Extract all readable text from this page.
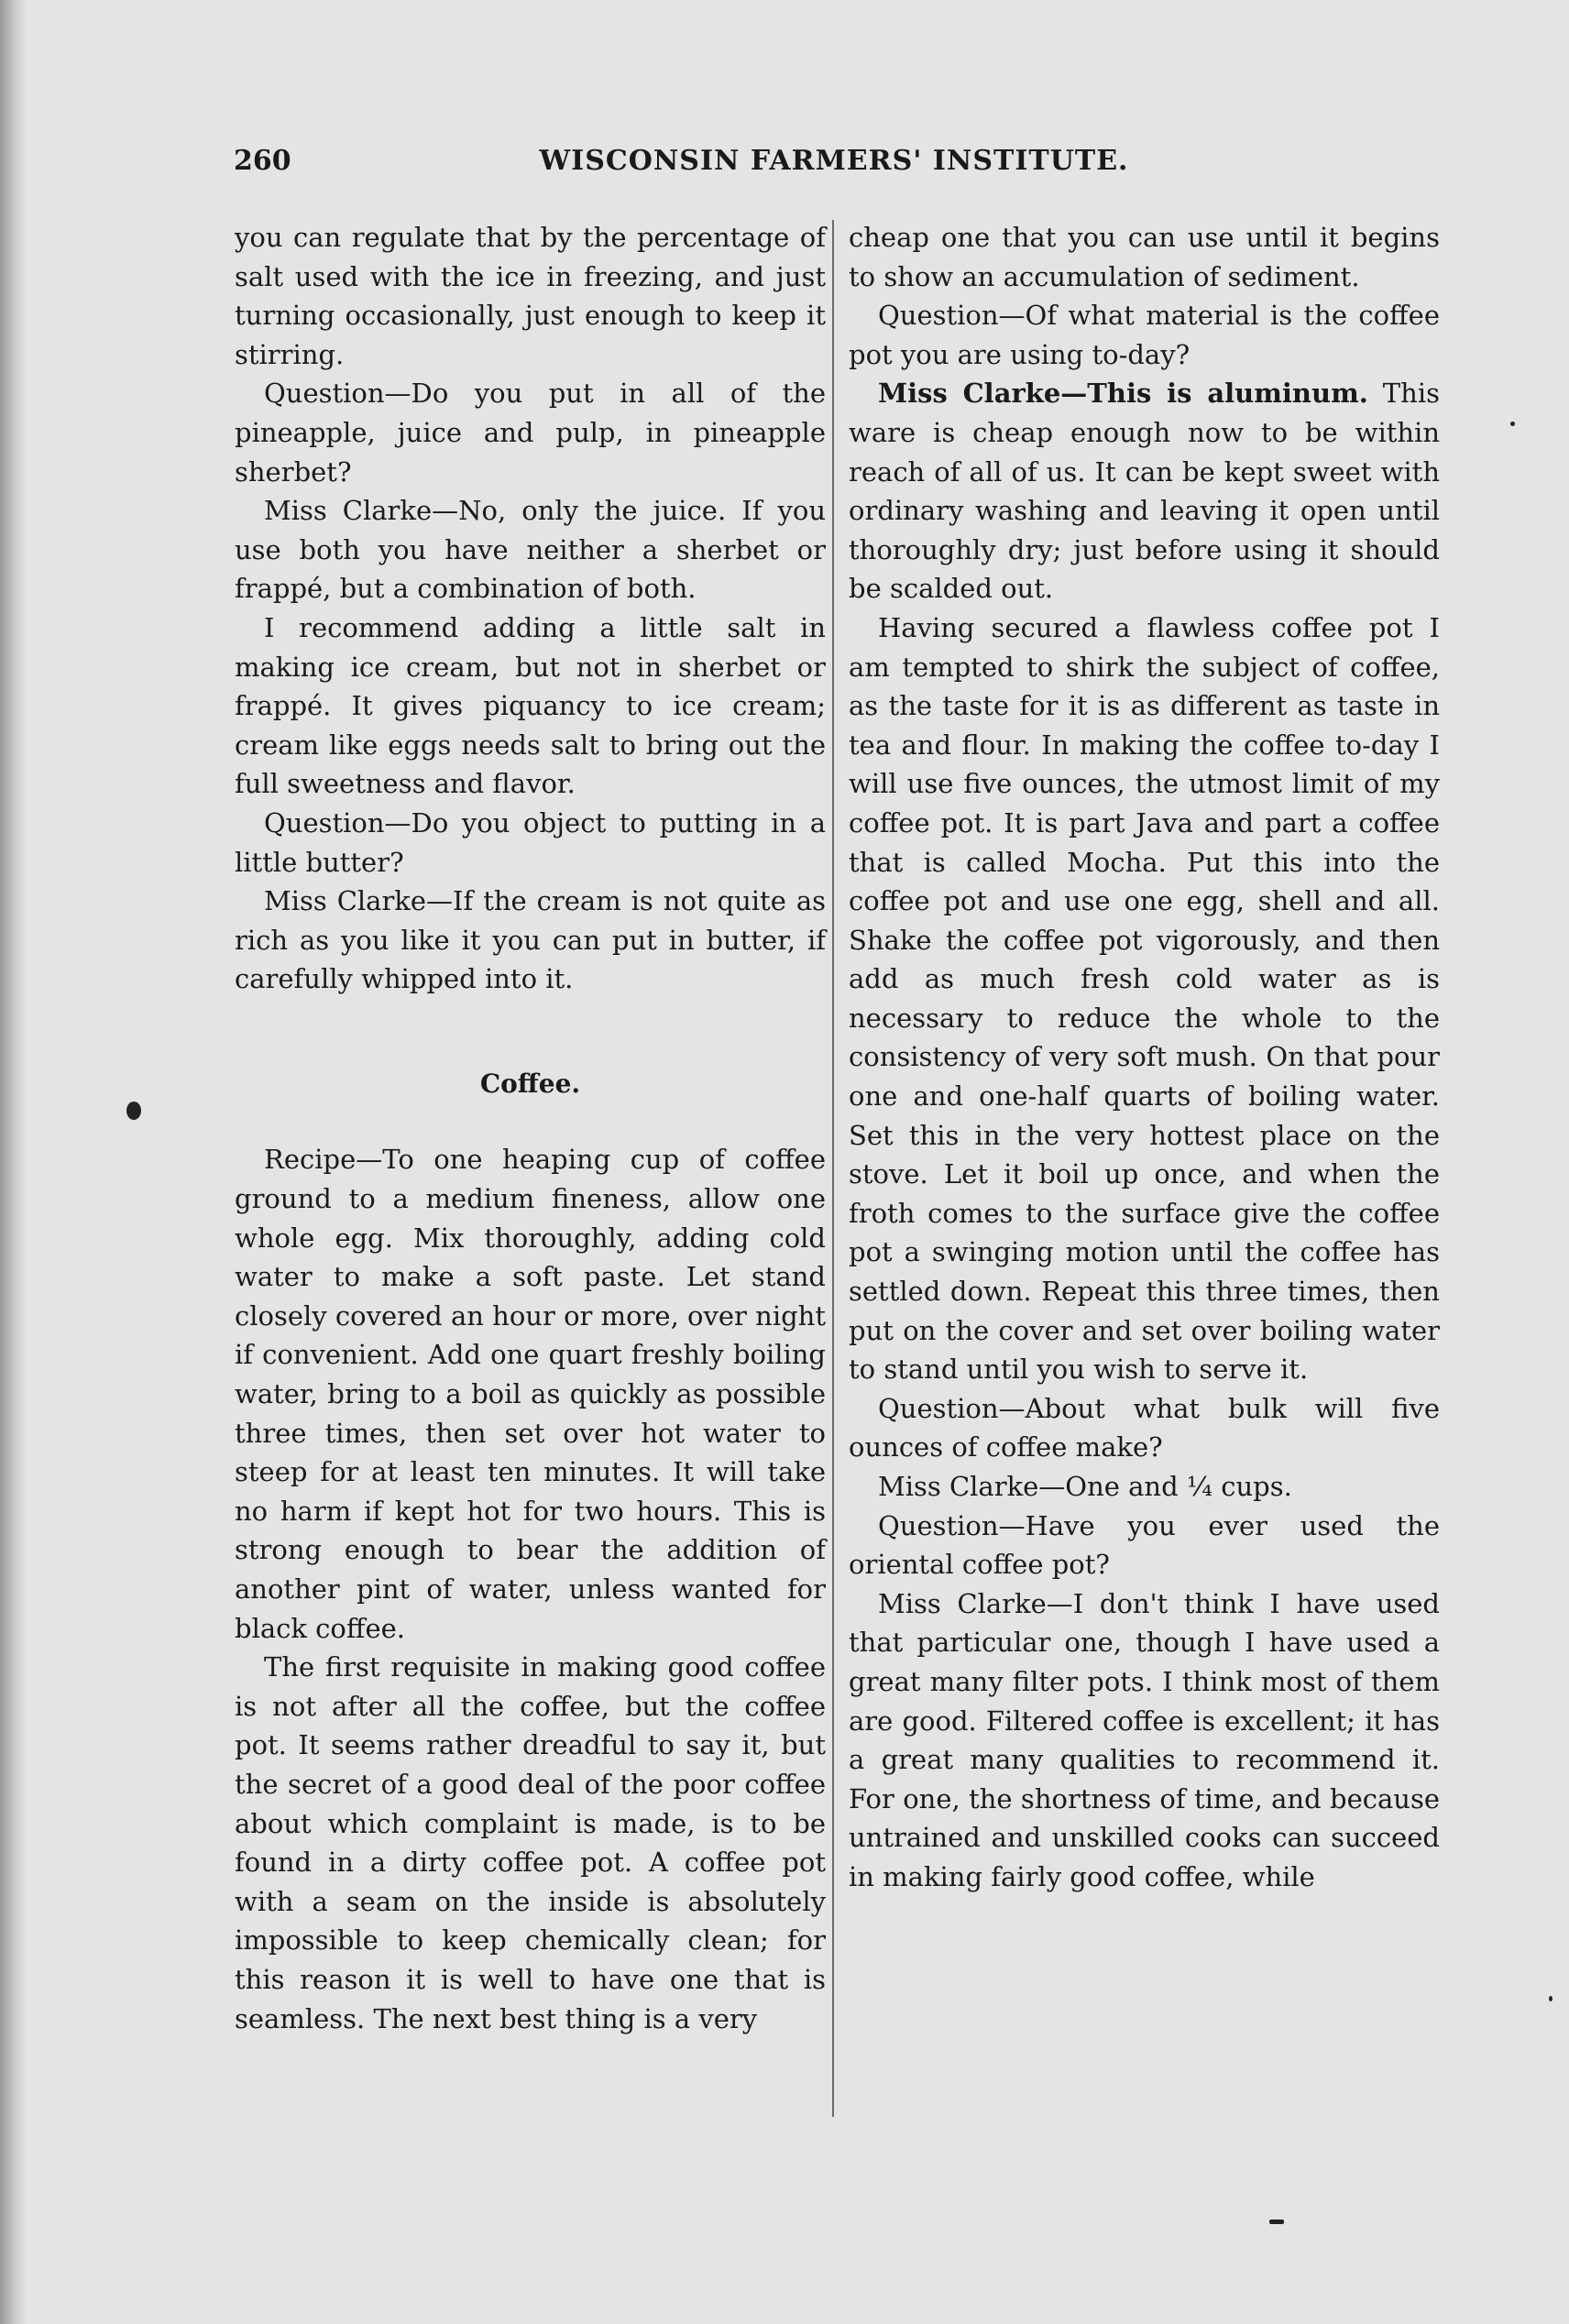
260	WISCONSIN FARMERS' INSTITUTE.

you can regulate that by the percentage of salt used with the ice in freezing, and just turning occasionally, just enough to keep it stirring.

Question—Do you put in all of the pineapple, juice and pulp, in pineapple sherbet?

Miss Clarke—No, only the juice. If you use both you have neither a sherbet or frappé, but a combination of both.

I recommend adding a little salt in making ice cream, but not in sherbet or frappé. It gives piquancy to ice cream; cream like eggs needs salt to bring out the full sweetness and flavor.

Question—Do you object to putting in a little butter?

Miss Clarke—If the cream is not quite as rich as you like it you can put in butter, if carefully whipped into it.

Coffee.

Recipe—To one heaping cup of coffee ground to a medium fineness, allow one whole egg. Mix thoroughly, adding cold water to make a soft paste. Let stand closely covered an hour or more, over night if convenient. Add one quart freshly boiling water, bring to a boil as quickly as possible three times, then set over hot water to steep for at least ten minutes. It will take no harm if kept hot for two hours. This is strong enough to bear the addition of another pint of water, unless wanted for black coffee.

The first requisite in making good coffee is not after all the coffee, but the coffee pot. It seems rather dreadful to say it, but the secret of a good deal of the poor coffee about which complaint is made, is to be found in a dirty coffee pot. A coffee pot with a seam on the inside is absolutely impossible to keep chemically clean; for this reason it is well to have one that is seamless. The next best thing is a very

cheap one that you can use until it begins to show an accumulation of sediment.

Question—Of what material is the coffee pot you are using to-day?

Miss Clarke—This is aluminum. This ware is cheap enough now to be within reach of all of us. It can be kept sweet with ordinary washing and leaving it open until thoroughly dry; just before using it should be scalded out.

Having secured a flawless coffee pot I am tempted to shirk the subject of coffee, as the taste for it is as different as taste in tea and flour. In making the coffee to-day I will use five ounces, the utmost limit of my coffee pot. It is part Java and part a coffee that is called Mocha. Put this into the coffee pot and use one egg, shell and all. Shake the coffee pot vigorously, and then add as much fresh cold water as is necessary to reduce the whole to the consistency of very soft mush. On that pour one and one-half quarts of boiling water. Set this in the very hottest place on the stove. Let it boil up once, and when the froth comes to the surface give the coffee pot a swinging motion until the coffee has settled down. Repeat this three times, then put on the cover and set over boiling water to stand until you wish to serve it.

Question—About what bulk will five ounces of coffee make?

Miss Clarke—One and ¼ cups.

Question—Have you ever used the oriental coffee pot?

Miss Clarke—I don't think I have used that particular one, though I have used a great many filter pots. I think most of them are good. Filtered coffee is excellent; it has a great many qualities to recommend it. For one, the shortness of time, and because untrained and unskilled cooks can succeed in making fairly good coffee, while
